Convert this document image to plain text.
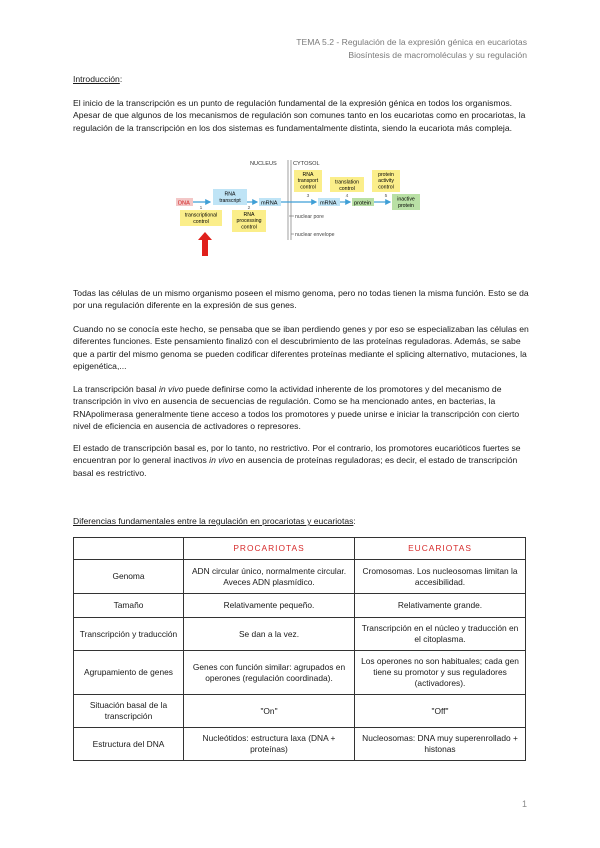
TEMA 5.2 - Regulación de la expresión génica en eucariotas
Biosíntesis de macromoléculas y su regulación
Introducción:
El inicio de la transcripción es un punto de regulación fundamental de la expresión génica en todos los organismos. Apesar de que algunos de los mecanismos de regulación son comunes tanto en los eucariotas como en procariotas, la regulación de la transcripción en los dos sistemas es fundamentalmente distinta, siendo la eucariota más compleja.
NUCLEUS	CYTOSOL
DNA
RNA
transcript	mRNA	mRNA	protein
inactive
protein
1
transcriptional
control
2
RNA
processing
control
RNA
transport
control
3
translation
control
4
protein
activity
control
5
nuclear pore
nuclear envelope
Todas las células de un mismo organismo poseen el mismo genoma, pero no todas tienen la misma función. Esto se da por una regulación diferente en la expresión de sus genes.
Cuando no se conocía este hecho, se pensaba que se iban perdiendo genes y por eso se especializaban las células en diferentes funciones. Este pensamiento finalizó con el descubrimiento de las proteínas reguladoras. Además, se sabe que a partir del mismo genoma se pueden codificar diferentes proteínas mediante el splicing alternativo, mutaciones, la epigenética,...
La transcripción basal in vivo puede definirse como la actividad inherente de los promotores y del mecanismo de transcripción in vivo en ausencia de secuencias de regulación. Como se ha mencionado antes, en bacterias, la RNApolimerasa generalmente tiene acceso a todos los promotores y puede unirse e iniciar la transcripción con cierto nivel de eficiencia en ausencia de activadores o represores.
El estado de transcripción basal es, por lo tanto, no restrictivo. Por el contrario, los promotores eucarióticos fuertes se encuentran por lo general inactivos in vivo en ausencia de proteínas reguladoras; es decir, el estado de transcripción basal es restrictivo.
Diferencias fundamentales entre la regulación en procariotas y eucariotas:
	PROCARIOTAS	EUCARIOTAS
Genoma	ADN circular único, normalmente circular. Aveces ADN plasmídico.	Cromosomas. Los nucleosomas limitan la accesibilidad.
Tamaño	Relativamente pequeño.	Relativamente grande.
Transcripción y traducción	Se dan a la vez.	Transcripción en el núcleo y traducción en el citoplasma.
Agrupamiento de genes	Genes con función similar: agrupados en operones (regulación coordinada).	Los operones no son habituales; cada gen tiene su promotor y sus reguladores (activadores).
Situación basal de la transcripción	"On"	"Off"
Estructura del DNA	Nucleótidos: estructura laxa (DNA + proteínas)	Nucleosomas: DNA muy superenrollado + histonas
1
